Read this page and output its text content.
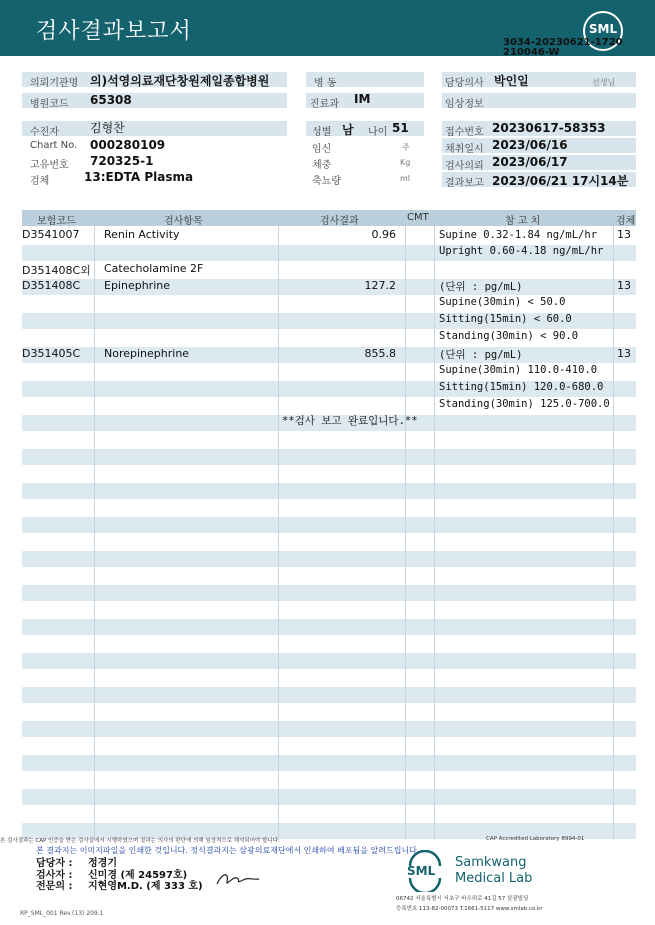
검사결과보고서	SML
3034-20230621-1720
210046-W
의뢰기관명 의)석영의료재단창원제일종합병원
병원코드 65308
병 동
진료과 IM
담당의사 박인일	선생님
임상정보
수진자	김형찬
Chart No. 000280109
고유번호 720325-1
검체	13:EDTA Plasma
성별 남 나이 51
임신	주
체중	Kg
축뇨량	ml
접수번호 20230617-58353
채취일시 2023/06/16
검사의뢰 2023/06/17
결과보고 2023/06/21 17시14분
보험코드	검사항목	검사결과	CMT	참 고 치	검체
D3541007 Renin Activity	0.96	Supine 0.32-1.84 ng/mL/hr 13
Upright 0.60-4.18 ng/mL/hr
D351408C외 Catecholamine 2F
D351408C Epinephrine	127.2	(단위 : pg/mL)	13
Supine(30min) < 50.0
Sitting(15min) < 60.0
Standing(30min) < 90.0
D351405C Norepinephrine	855.8	(단위 : pg/mL)	13
Supine(30min) 110.0-410.0
Sitting(15min) 120.0-680.0
Standing(30min) 125.0-700.0
**검사 보고 완료입니다.**
본 검사결과는 CAP 인증을 받은 검사실에서 시행하였으며 결과는 의사의 판단에 의해 임상적으로 해석되어야 합니다.	CAP Accredited Laboratory 8994-01
본 결과지는 이미지파일을 인쇄한 것입니다. 정식결과지는 삼광의료재단에서 인쇄하여 배포됨을 알려드립니다.
담당자 : 정경기
검사자 : 신미경 (제 24597호)
전문의 : 지현영M.D. (제 333 호)
SML
Samkwang
Medical Lab
06742 서울특별시 서초구 바우뫼로 41길 57 삼광빌딩
등록번호 113-82-00073 T.1661-5117 www.smlab.co.kr
RP_SML_001 Rev.(13) 209.1
